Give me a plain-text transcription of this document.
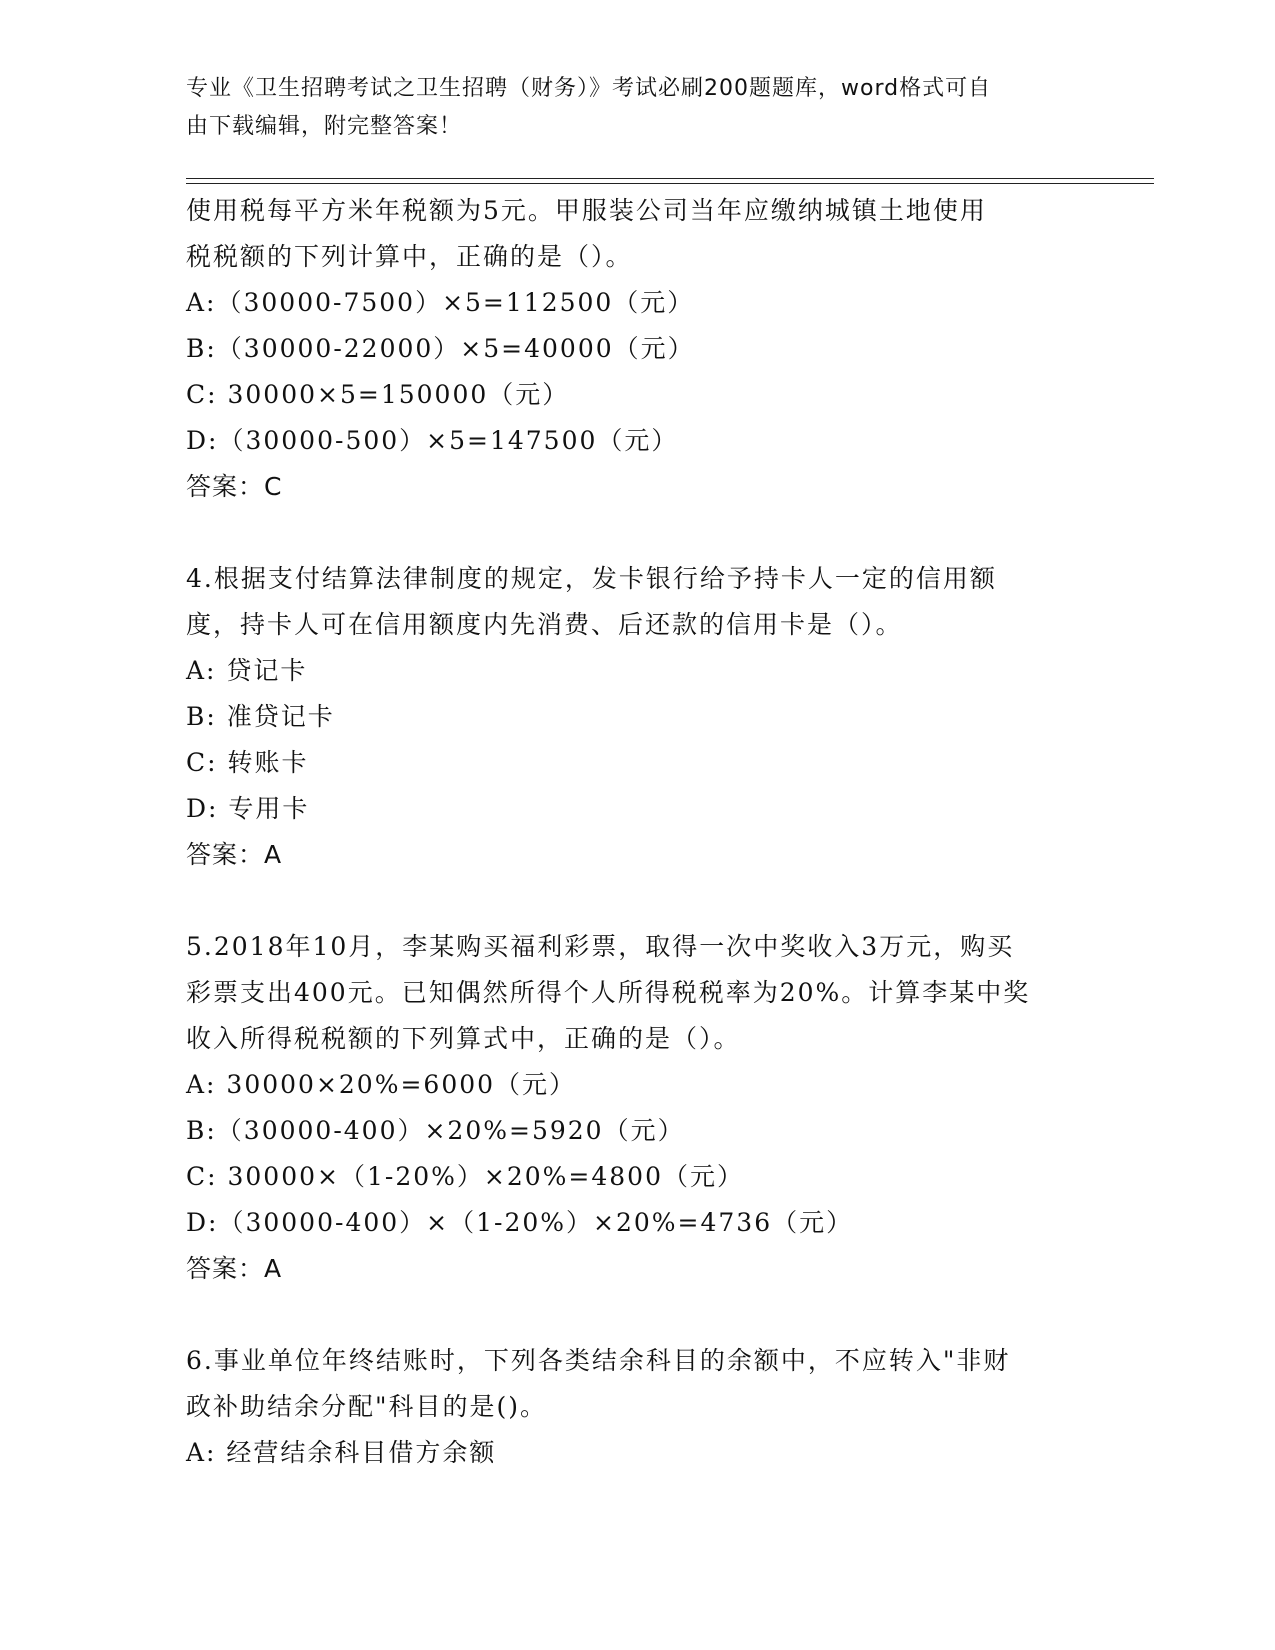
专业《卫生招聘考试之卫生招聘（财务）》考试必刷200题题库，word格式可自
由下载编辑，附完整答案！
使用税每平方米年税额为5元。甲服装公司当年应缴纳城镇土地使用
税税额的下列计算中，正确的是（）。
A:（30000-7500）×5=112500（元）
B:（30000-22000）×5=40000（元）
C: 30000×5=150000（元）
D:（30000-500）×5=147500（元）
答案：C
4.根据支付结算法律制度的规定，发卡银行给予持卡人一定的信用额
度，持卡人可在信用额度内先消费、后还款的信用卡是（）。
A: 贷记卡
B: 准贷记卡
C: 转账卡
D: 专用卡
答案：A
5.2018年10月，李某购买福利彩票，取得一次中奖收入3万元，购买
彩票支出400元。已知偶然所得个人所得税税率为20%。计算李某中奖
收入所得税税额的下列算式中，正确的是（）。
A: 30000×20%=6000（元）
B:（30000-400）×20%=5920（元）
C: 30000×（1-20%）×20%=4800（元）
D:（30000-400）×（1-20%）×20%=4736（元）
答案：A
6.事业单位年终结账时，下列各类结余科目的余额中，不应转入"非财
政补助结余分配"科目的是()。
A: 经营结余科目借方余额
